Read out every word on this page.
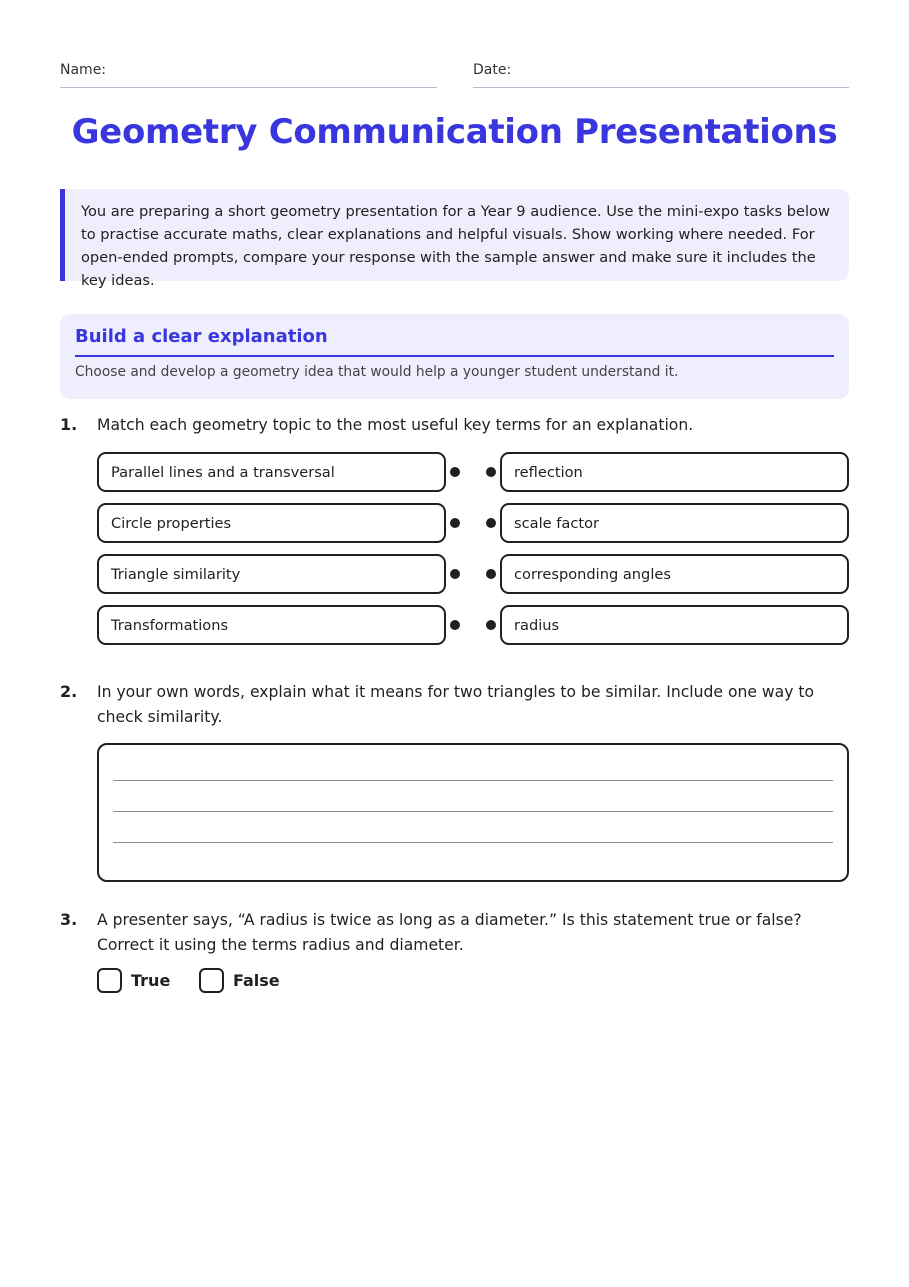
Name:	Date:
Geometry Communication Presentations
You are preparing a short geometry presentation for a Year 9 audience. Use the mini-expo tasks below to practise accurate maths, clear explanations and helpful visuals. Show working where needed. For open-ended prompts, compare your response with the sample answer and make sure it includes the key ideas.
Build a clear explanation

Choose and develop a geometry idea that would help a younger student understand it.

1. Match each geometry topic to the most useful key terms for an explanation.
Parallel lines and a transversal
Circle properties
Triangle similarity
Transformations
reflection
scale factor
corresponding angles
radius
2. In your own words, explain what it means for two triangles to be similar. Include one way to check similarity.
3. A presenter says, “A radius is twice as long as a diameter.” Is this statement true or false? Correct it using the terms radius and diameter.
True	False
